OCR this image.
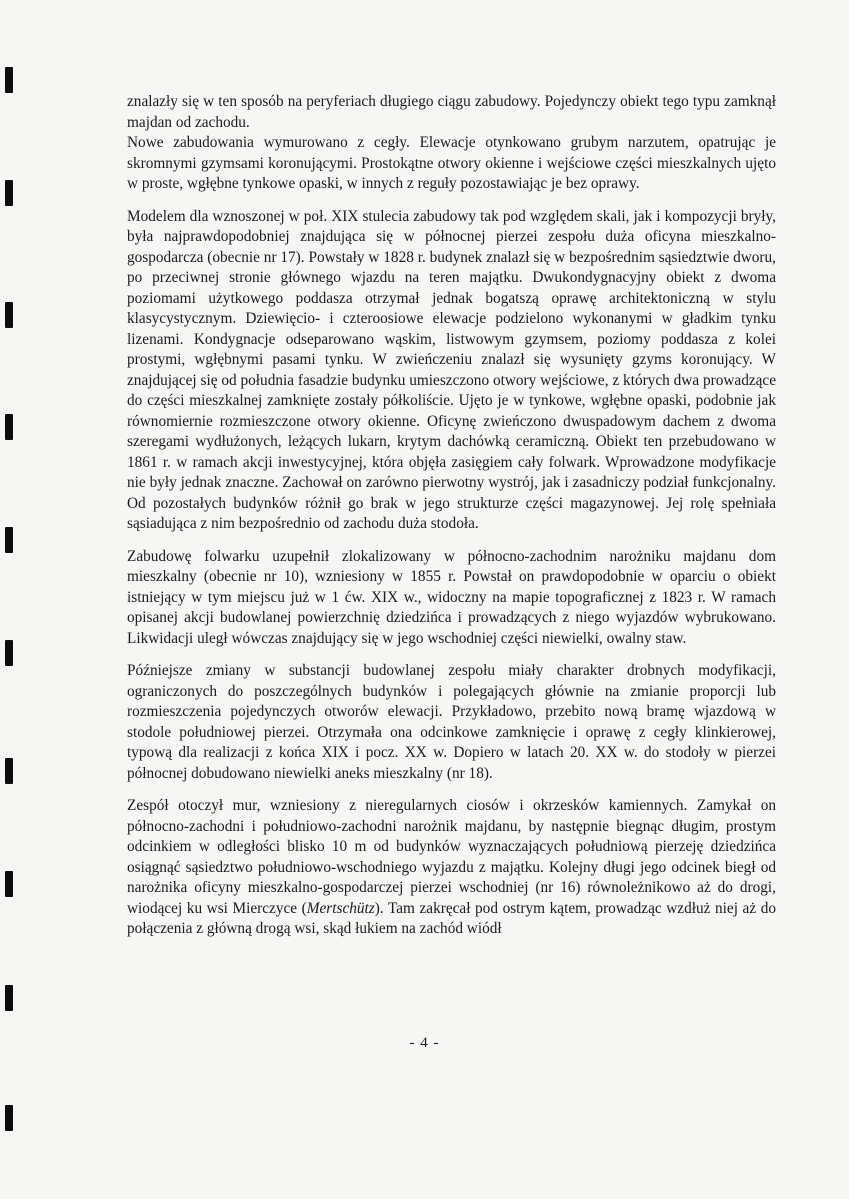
znalazły się w ten sposób na peryferiach długiego ciągu zabudowy. Pojedynczy obiekt tego typu zamknął majdan od zachodu.

Nowe zabudowania wymurowano z cegły. Elewacje otynkowano grubym narzutem, opatrując je skromnymi gzymsami koronującymi. Prostokątne otwory okienne i wejściowe części mieszkalnych ujęto w proste, wgłębne tynkowe opaski, w innych z reguły pozostawiając je bez oprawy.

Modelem dla wznoszonej w poł. XIX stulecia zabudowy tak pod względem skali, jak i kompozycji bryły, była najprawdopodobniej znajdująca się w północnej pierzei zespołu duża oficyna mieszkalno-gospodarcza (obecnie nr 17). Powstały w 1828 r. budynek znalazł się w bezpośrednim sąsiedztwie dworu, po przeciwnej stronie głównego wjazdu na teren majątku. Dwukondygnacyjny obiekt z dwoma poziomami użytkowego poddasza otrzymał jednak bogatszą oprawę architektoniczną w stylu klasycystycznym. Dziewięcio- i czteroosiowe elewacje podzielono wykonanymi w gładkim tynku lizenami. Kondygnacje odseparowano wąskim, listwowym gzymsem, poziomy poddasza z kolei prostymi, wgłębnymi pasami tynku. W zwieńczeniu znalazł się wysunięty gzyms koronujący. W znajdującej się od południa fasadzie budynku umieszczono otwory wejściowe, z których dwa prowadzące do części mieszkalnej zamknięte zostały półkoliście. Ujęto je w tynkowe, wgłębne opaski, podobnie jak równomiernie rozmieszczone otwory okienne. Oficynę zwieńczono dwuspadowym dachem z dwoma szeregami wydłużonych, leżących lukarn, krytym dachówką ceramiczną. Obiekt ten przebudowano w 1861 r. w ramach akcji inwestycyjnej, która objęła zasięgiem cały folwark. Wprowadzone modyfikacje nie były jednak znaczne. Zachował on zarówno pierwotny wystrój, jak i zasadniczy podział funkcjonalny. Od pozostałych budynków różnił go brak w jego strukturze części magazynowej. Jej rolę spełniała sąsiadująca z nim bezpośrednio od zachodu duża stodoła.

Zabudowę folwarku uzupełnił zlokalizowany w północno-zachodnim narożniku majdanu dom mieszkalny (obecnie nr 10), wzniesiony w 1855 r. Powstał on prawdopodobnie w oparciu o obiekt istniejący w tym miejscu już w 1 ćw. XIX w., widoczny na mapie topograficznej z 1823 r. W ramach opisanej akcji budowlanej powierzchnię dziedzińca i prowadzących z niego wyjazdów wybrukowano. Likwidacji uległ wówczas znajdujący się w jego wschodniej części niewielki, owalny staw.

Późniejsze zmiany w substancji budowlanej zespołu miały charakter drobnych modyfikacji, ograniczonych do poszczególnych budynków i polegających głównie na zmianie proporcji lub rozmieszczenia pojedynczych otworów elewacji. Przykładowo, przebito nową bramę wjazdową w stodole południowej pierzei. Otrzymała ona odcinkowe zamknięcie i oprawę z cegły klinkierowej, typową dla realizacji z końca XIX i pocz. XX w. Dopiero w latach 20. XX w. do stodoły w pierzei północnej dobudowano niewielki aneks mieszkalny (nr 18).

Zespół otoczył mur, wzniesiony z nieregularnych ciosów i okrzesków kamiennych. Zamykał on północno-zachodni i południowo-zachodni narożnik majdanu, by następnie biegnąc długim, prostym odcinkiem w odległości blisko 10 m od budynków wyznaczających południową pierzeję dziedzińca osiągnąć sąsiedztwo południowo-wschodniego wyjazdu z majątku. Kolejny długi jego odcinek biegł od narożnika oficyny mieszkalno-gospodarczej pierzei wschodniej (nr 16) równoleżnikowo aż do drogi, wiodącej ku wsi Mierczyce (Mertschütz). Tam zakręcał pod ostrym kątem, prowadząc wzdłuż niej aż do połączenia z główną drogą wsi, skąd łukiem na zachód wiódł

- 4 -
